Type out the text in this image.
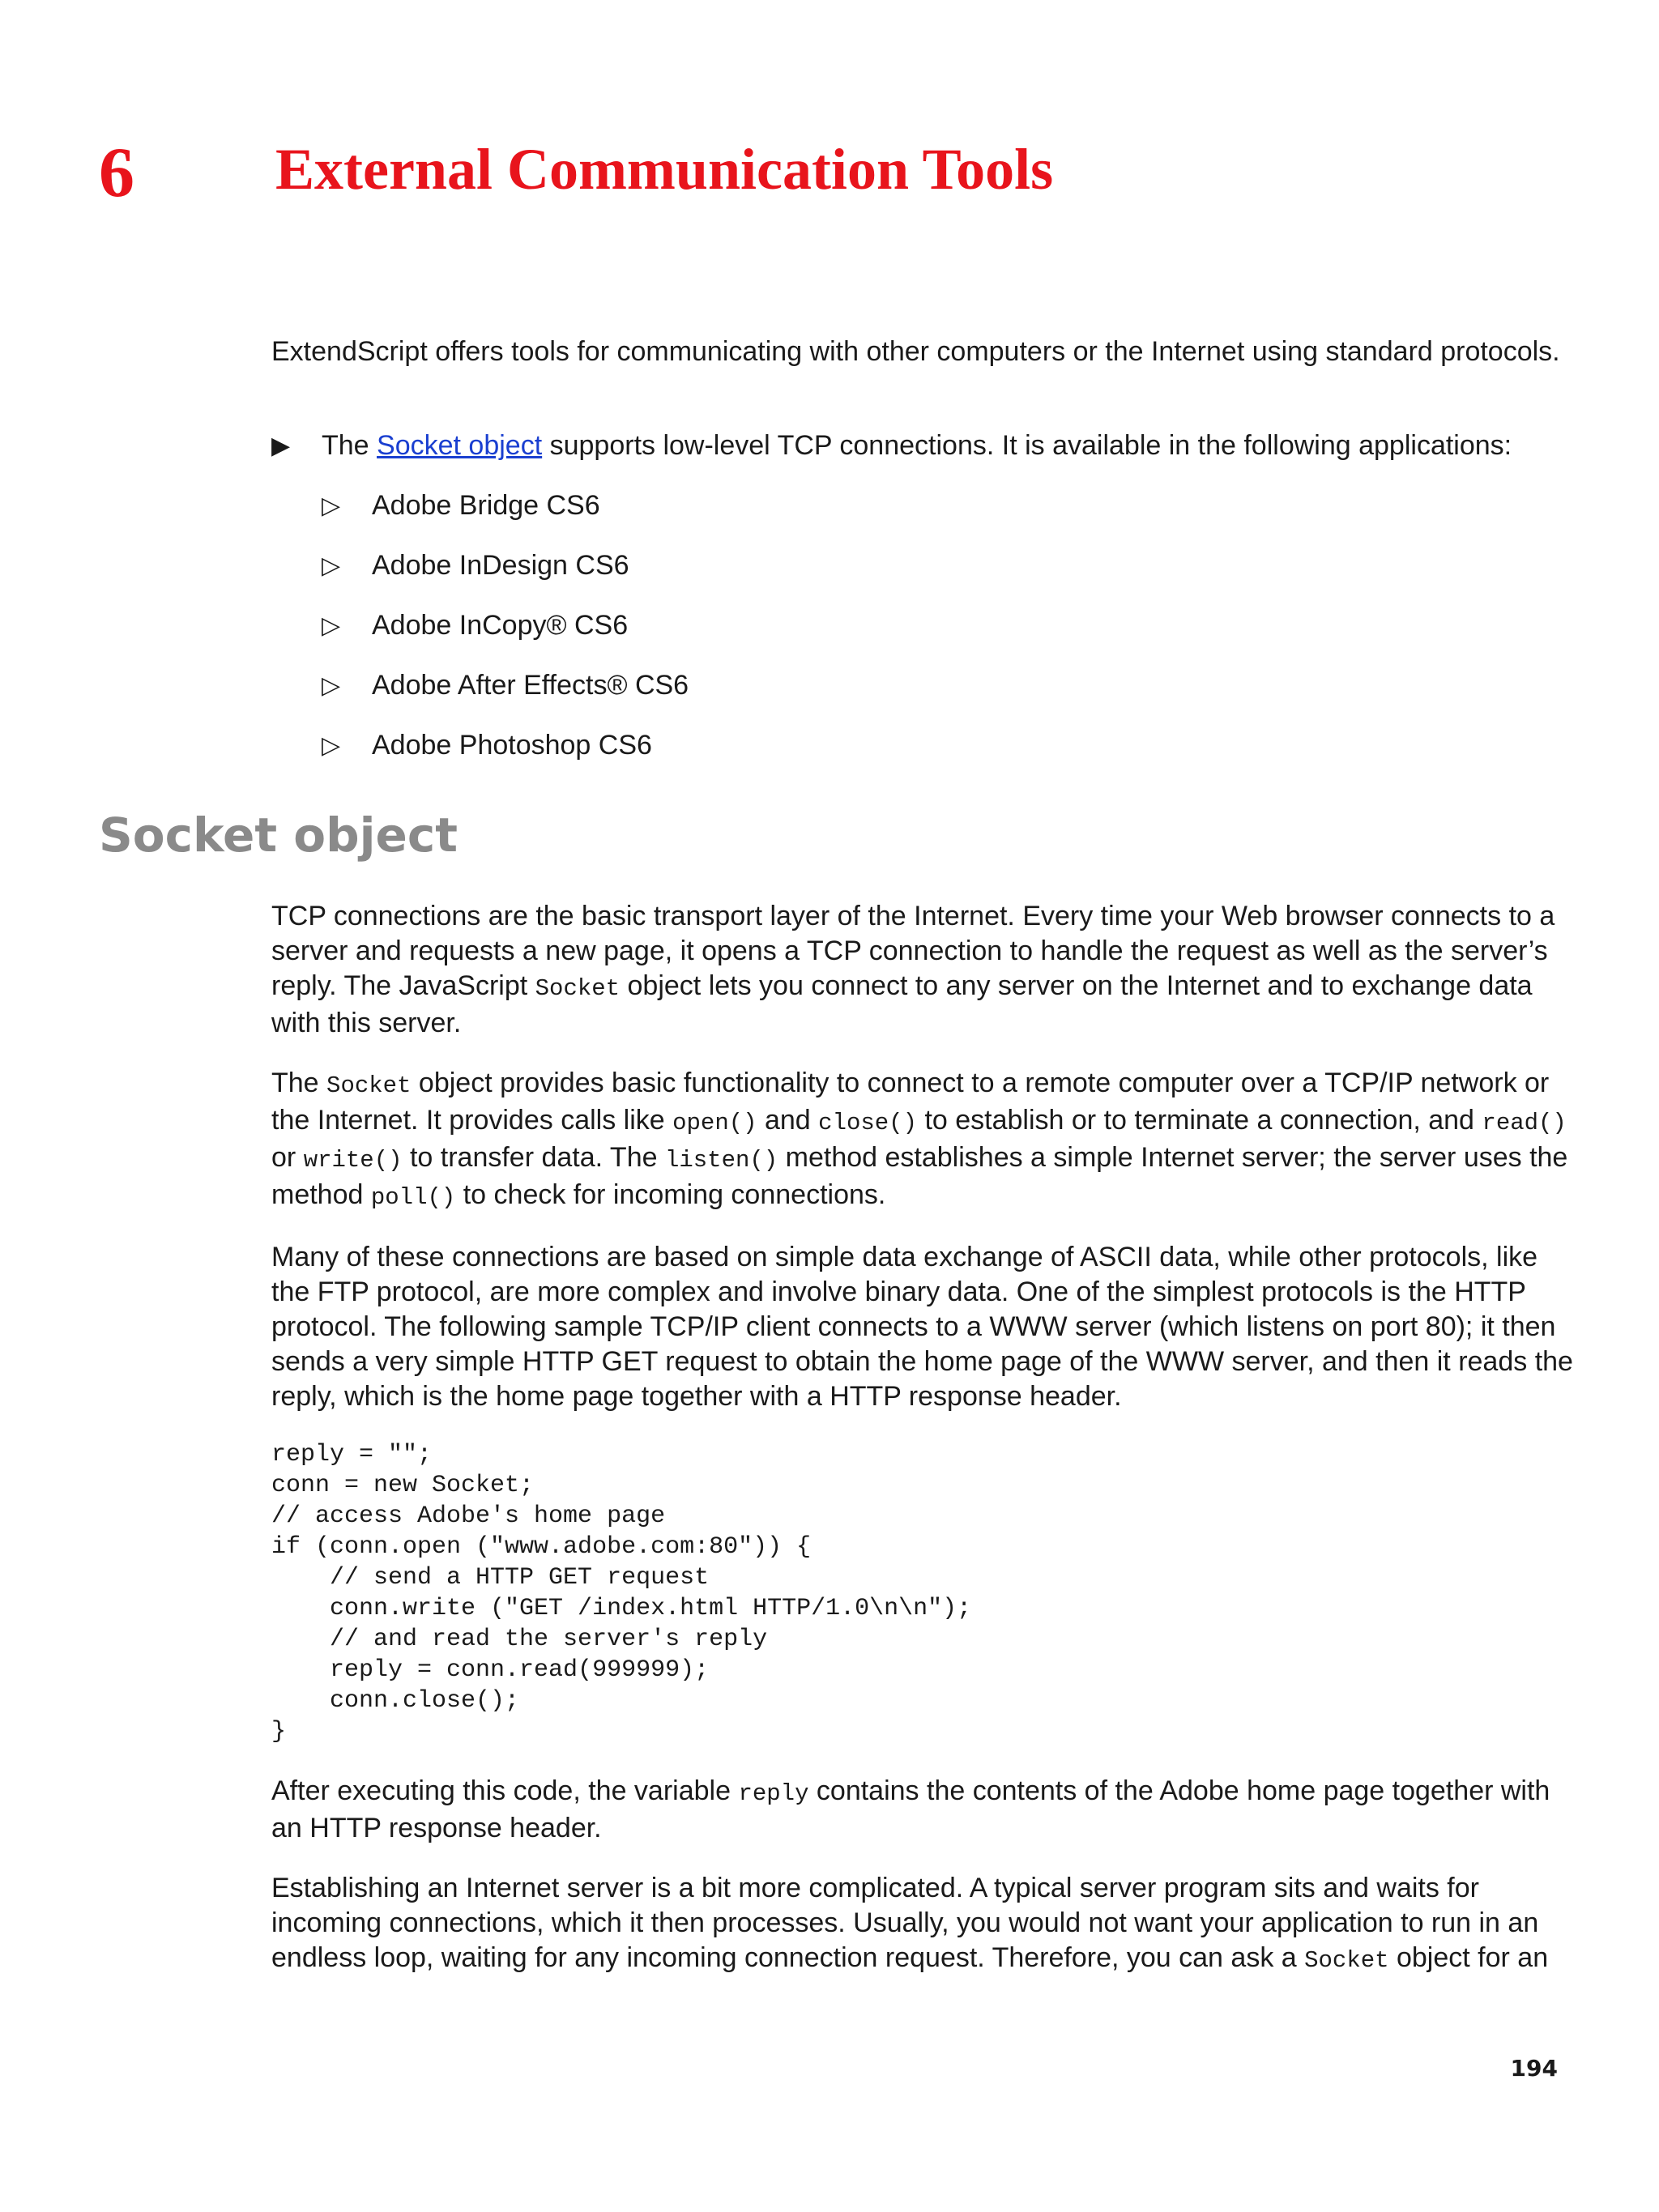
6 External Communication Tools
ExtendScript offers tools for communicating with other computers or the Internet using standard protocols.
▶	The Socket object supports low-level TCP connections. It is available in the following applications:
▷	Adobe Bridge CS6
▷	Adobe InDesign CS6
▷	Adobe InCopy® CS6
▷	Adobe After Effects® CS6
▷	Adobe Photoshop CS6
Socket object

TCP connections are the basic transport layer of the Internet. Every time your Web browser connects to a server and requests a new page, it opens a TCP connection to handle the request as well as the server’s reply. The JavaScript Socket object lets you connect to any server on the Internet and to exchange data with this server.

The Socket object provides basic functionality to connect to a remote computer over a TCP/IP network or the Internet. It provides calls like open() and close() to establish or to terminate a connection, and read() or write() to transfer data. The listen() method establishes a simple Internet server; the server uses the method poll() to check for incoming connections.

Many of these connections are based on simple data exchange of ASCII data, while other protocols, like the FTP protocol, are more complex and involve binary data. One of the simplest protocols is the HTTP protocol. The following sample TCP/IP client connects to a WWW server (which listens on port 80); it then sends a very simple HTTP GET request to obtain the home page of the WWW server, and then it reads the reply, which is the home page together with a HTTP response header.

reply = "";
conn = new Socket;
// access Adobe's home page
if (conn.open ("www.adobe.com:80")) {
// send a HTTP GET request
conn.write ("GET /index.html HTTP/1.0\n\n");
// and read the server's reply
reply = conn.read(999999);
conn.close();
}

After executing this code, the variable reply contains the contents of the Adobe home page together with an HTTP response header.

Establishing an Internet server is a bit more complicated. A typical server program sits and waits for incoming connections, which it then processes. Usually, you would not want your application to run in an endless loop, waiting for any incoming connection request. Therefore, you can ask a Socket object for an

194
